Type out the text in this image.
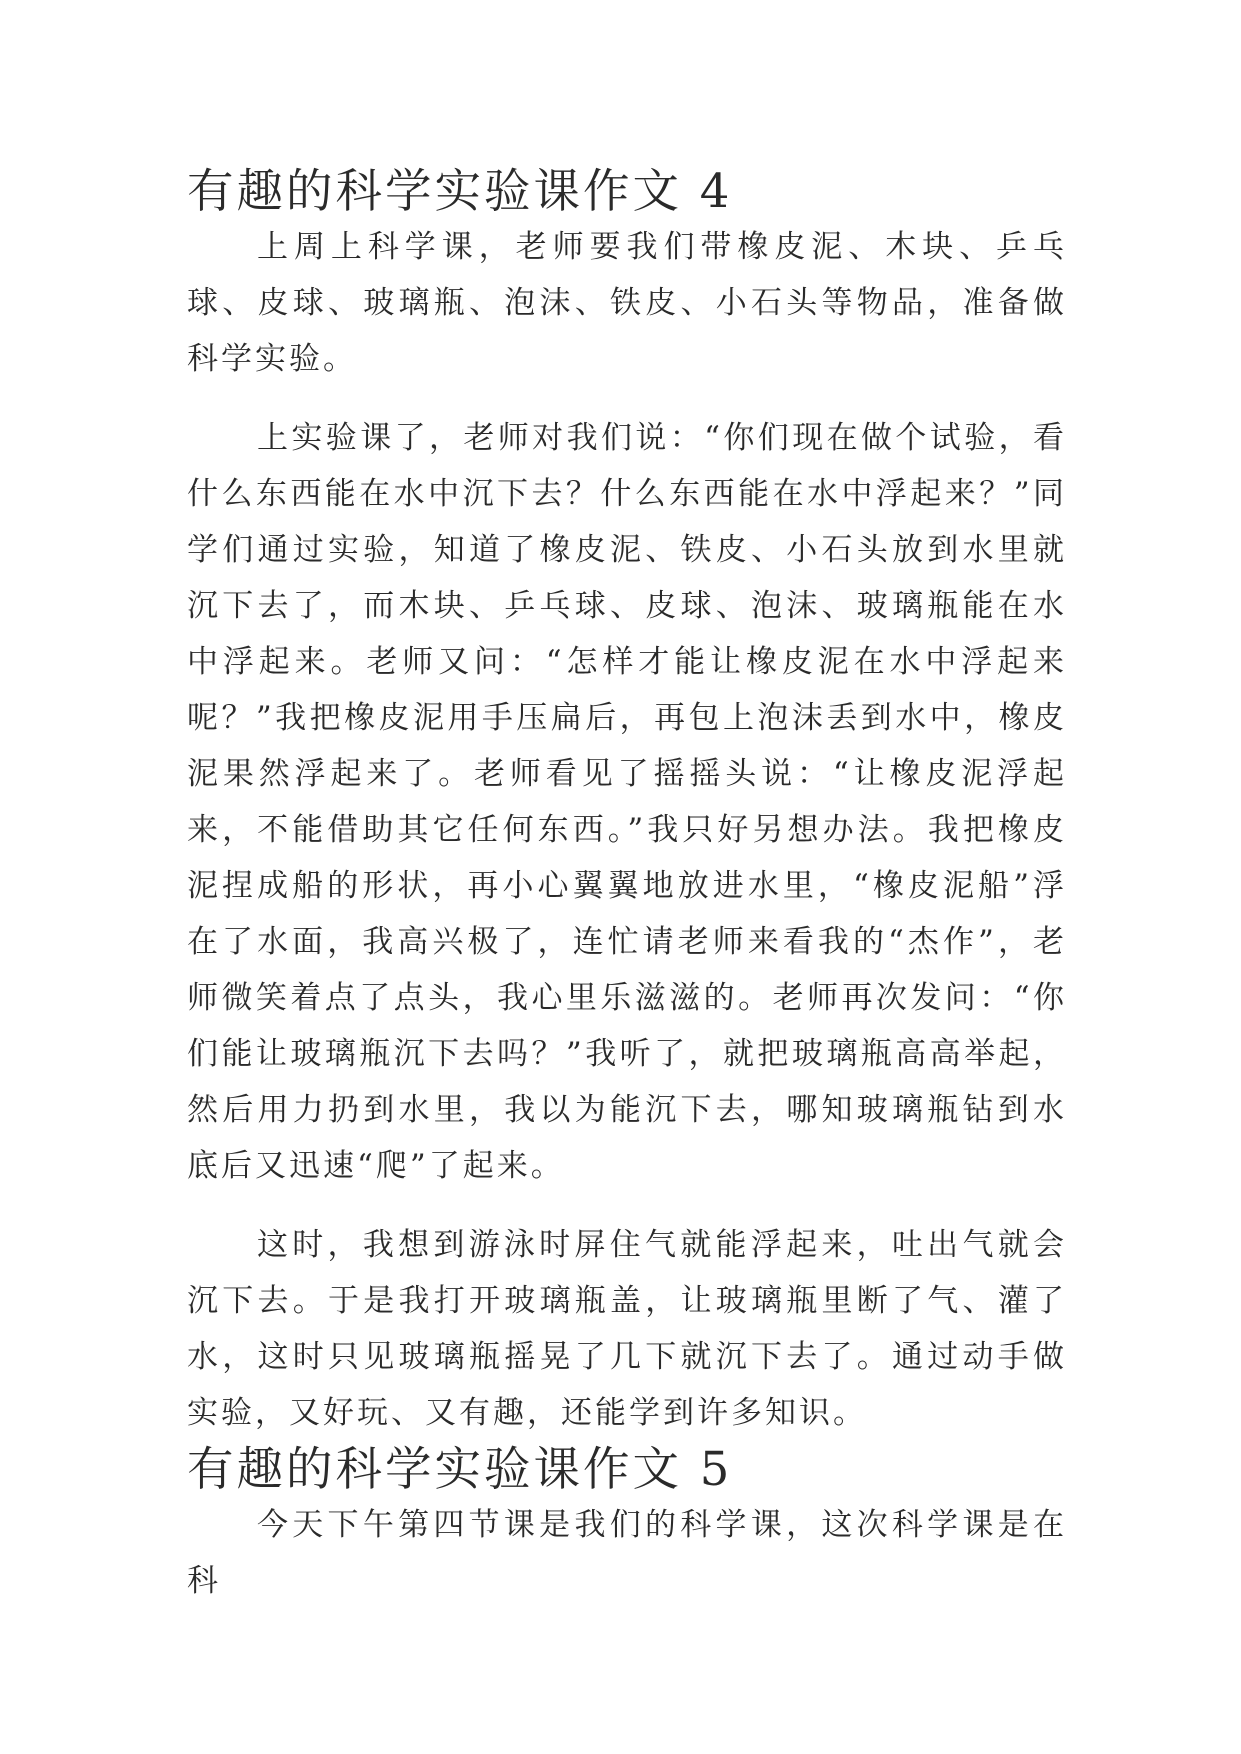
有趣的科学实验课作文 4

上周上科学课，老师要我们带橡皮泥、木块、乒乓球、皮球、玻璃瓶、泡沫、铁皮、小石头等物品，准备做科学实验。

上实验课了，老师对我们说：“你们现在做个试验，看什么东西能在水中沉下去？什么东西能在水中浮起来？”同学们通过实验，知道了橡皮泥、铁皮、小石头放到水里就沉下去了，而木块、乒乓球、皮球、泡沫、玻璃瓶能在水中浮起来。老师又问：“怎样才能让橡皮泥在水中浮起来呢？”我把橡皮泥用手压扁后，再包上泡沫丢到水中，橡皮泥果然浮起来了。老师看见了摇摇头说：“让橡皮泥浮起来，不能借助其它任何东西。”我只好另想办法。我把橡皮泥捏成船的形状，再小心翼翼地放进水里，“橡皮泥船”浮在了水面，我高兴极了，连忙请老师来看我的“杰作”，老师微笑着点了点头，我心里乐滋滋的。老师再次发问：“你们能让玻璃瓶沉下去吗？”我听了，就把玻璃瓶高高举起，然后用力扔到水里，我以为能沉下去，哪知玻璃瓶钻到水底后又迅速“爬”了起来。

这时，我想到游泳时屏住气就能浮起来，吐出气就会沉下去。于是我打开玻璃瓶盖，让玻璃瓶里断了气、灌了水，这时只见玻璃瓶摇晃了几下就沉下去了。通过动手做实验，又好玩、又有趣，还能学到许多知识。

有趣的科学实验课作文 5

今天下午第四节课是我们的科学课，这次科学课是在科
